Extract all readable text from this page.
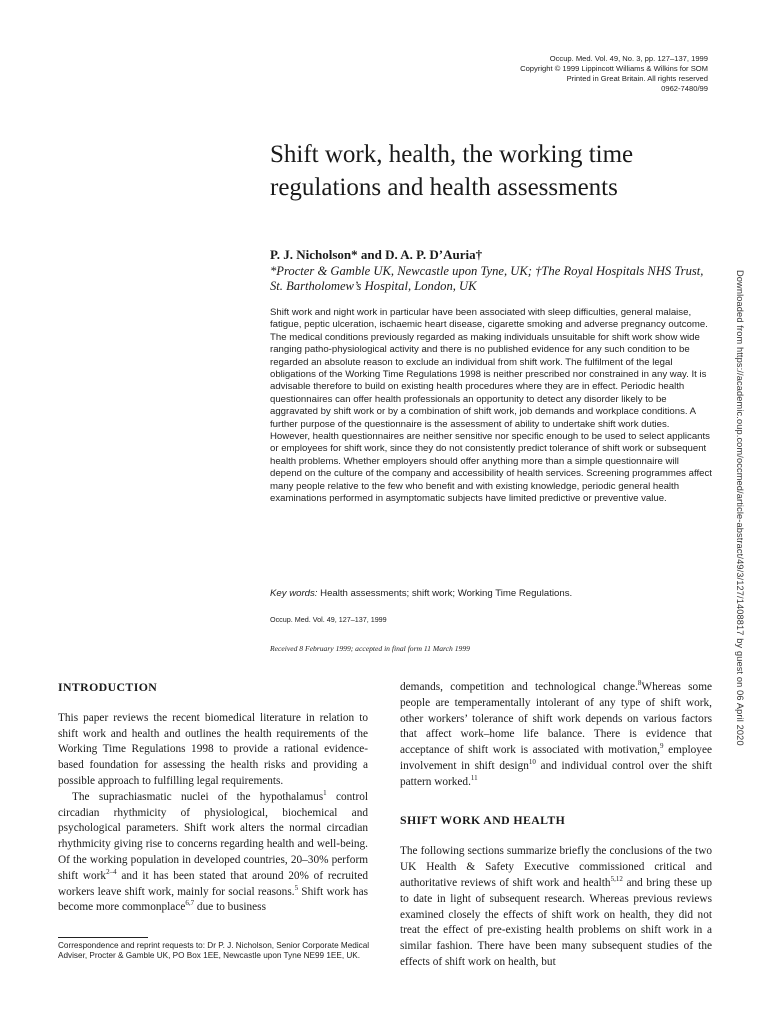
Occup. Med. Vol. 49, No. 3, pp. 127–137, 1999
Copyright © 1999 Lippincott Williams & Wilkins for SOM
Printed in Great Britain. All rights reserved
0962-7480/99
Shift work, health, the working time regulations and health assessments
P. J. Nicholson* and D. A. P. D’Auria†
*Procter & Gamble UK, Newcastle upon Tyne, UK; †The Royal Hospitals NHS Trust, St. Bartholomew’s Hospital, London, UK

Shift work and night work in particular have been associated with sleep difficulties, general malaise, fatigue, peptic ulceration, ischaemic heart disease, cigarette smoking and adverse pregnancy outcome. The medical conditions previously regarded as making individuals unsuitable for shift work show wide ranging patho-physiological activity and there is no published evidence for any such condition to be regarded an absolute reason to exclude an individual from shift work. The fulfilment of the legal obligations of the Working Time Regulations 1998 is neither prescribed nor constrained in any way. It is advisable therefore to build on existing health procedures where they are in effect. Periodic health questionnaires can offer health professionals an opportunity to detect any disorder likely to be aggravated by shift work or by a combination of shift work, job demands and workplace conditions. A further purpose of the questionnaire is the assessment of ability to undertake shift work duties. However, health questionnaires are neither sensitive nor specific enough to be used to select applicants or employees for shift work, since they do not consistently predict tolerance of shift work or subsequent health problems. Whether employers should offer anything more than a simple questionnaire will depend on the culture of the company and accessibility of health services. Screening programmes affect many people relative to the few who benefit and with existing knowledge, periodic general health examinations performed in asymptomatic subjects have limited predictive or preventive value.

Key words: Health assessments; shift work; Working Time Regulations.
Occup. Med. Vol. 49, 127–137, 1999
Received 8 February 1999; accepted in final form 11 March 1999
INTRODUCTION

This paper reviews the recent biomedical literature in relation to shift work and health and outlines the health requirements of the Working Time Regulations 1998 to provide a rational evidence-based foundation for assessing the health risks and providing a possible approach to fulfilling legal requirements.

The suprachiasmatic nuclei of the hypothalamus$^1$ control circadian rhythmicity of physiological, biochemical and psychological parameters. Shift work alters the normal circadian rhythmicity giving rise to concerns regarding health and well-being. Of the working population in developed countries, 20–30% perform shift work$^{2-4}$ and it has been stated that around 20% of recruited workers leave shift work, mainly for social reasons.$^5$ Shift work has become more commonplace$^{6,7}$ due to business

demands, competition and technological change.$^8$Whereas some people are temperamentally intolerant of any type of shift work, other workers’ tolerance of shift work depends on various factors that affect work–home life balance. There is evidence that acceptance of shift work is associated with motivation,$^9$ employee involvement in shift design$^{10}$ and individual control over the shift pattern worked.$^{11}$

SHIFT WORK AND HEALTH

The following sections summarize briefly the conclusions of the two UK Health & Safety Executive commissioned critical and authoritative reviews of shift work and health$^{5,12}$ and bring these up to date in light of subsequent research. Whereas previous reviews examined closely the effects of shift work on health, they did not treat the effect of pre-existing health problems on shift work in a similar fashion. There have been many subsequent studies of the effects of shift work on health, but

Correspondence and reprint requests to: Dr P. J. Nicholson, Senior Corporate Medical Adviser, Procter & Gamble UK, PO Box 1EE, Newcastle upon Tyne NE99 1EE, UK.
Downloaded from https://academic.oup.com/occmed/article-abstract/49/3/127/1408817 by guest on 06 April 2020
